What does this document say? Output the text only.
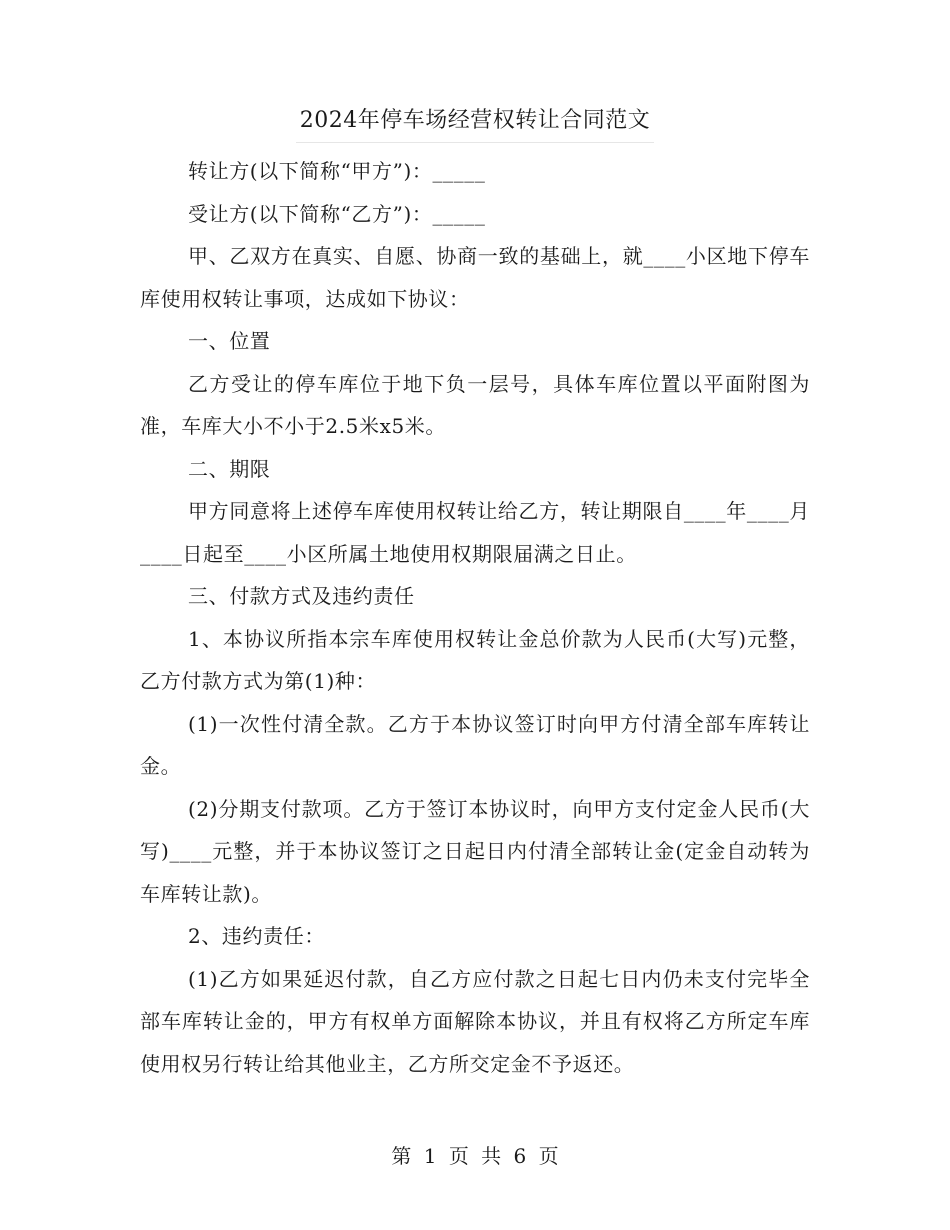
2024年停车场经营权转让合同范文

转让方(以下简称“甲方”)：_____

受让方(以下简称“乙方”)：_____

甲、乙双方在真实、自愿、协商一致的基础上，就____小区地下停车库使用权转让事项，达成如下协议：

一、位置

乙方受让的停车库位于地下负一层号，具体车库位置以平面附图为准，车库大小不小于2.5米x5米。

二、期限

甲方同意将上述停车库使用权转让给乙方，转让期限自____年____月____日起至____小区所属土地使用权期限届满之日止。

三、付款方式及违约责任

1、本协议所指本宗车库使用权转让金总价款为人民币(大写)元整，乙方付款方式为第(1)种：

(1)一次性付清全款。乙方于本协议签订时向甲方付清全部车库转让金。

(2)分期支付款项。乙方于签订本协议时，向甲方支付定金人民币(大写)____元整，并于本协议签订之日起日内付清全部转让金(定金自动转为车库转让款)。

2、违约责任：

(1)乙方如果延迟付款，自乙方应付款之日起七日内仍未支付完毕全部车库转让金的，甲方有权单方面解除本协议，并且有权将乙方所定车库使用权另行转让给其他业主，乙方所交定金不予返还。

第 1 页 共 6 页
